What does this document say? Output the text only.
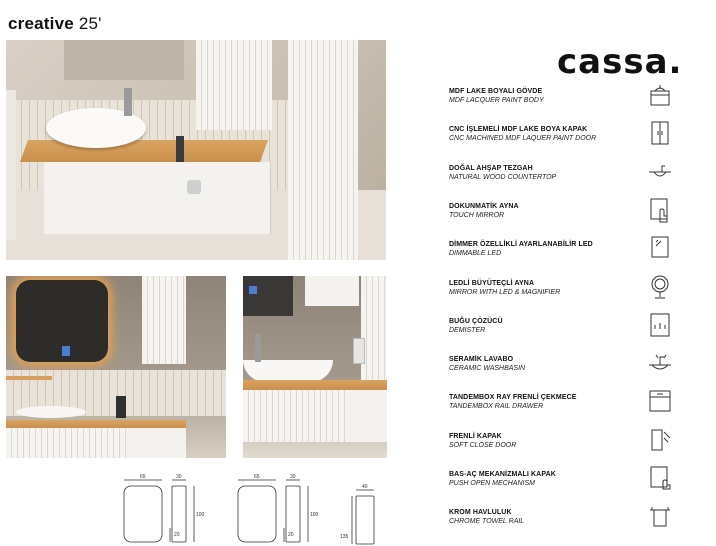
creative 25'
cassa.
MDF LAKE BOYALI GÖVDE
MDF LACQUER PAINT BODY
CNC İŞLEMELİ MDF LAKE BOYA KAPAK
CNC MACHINED MDF LAQUER PAINT DOOR
DOĞAL AHŞAP TEZGAH
NATURAL WOOD COUNTERTOP
DOKUNMATİK AYNA
TOUCH MIRROR
DİMMER ÖZELLİKLİ AYARLANABİLİR LED
DIMMABLE LED
LEDLİ BÜYÜTEÇLİ AYNA
MIRROR WITH LED & MAGNIFIER
BUĞU ÇÖZÜCÜ
DEMISTER
SERAMİK LAVABO
CERAMIC WASHBASIN
TANDEMBOX RAY FRENLİ ÇEKMECE
TANDEMBOX RAIL DRAWER
FRENLİ KAPAK
SOFT CLOSE DOOR
BAS-AÇ MEKANİZMALI KAPAK
PUSH OPEN MECHANISM
KROM HAVLULUK
CHROME TOWEL RAIL
65	30
100
20
65	30
100
20
40
135
